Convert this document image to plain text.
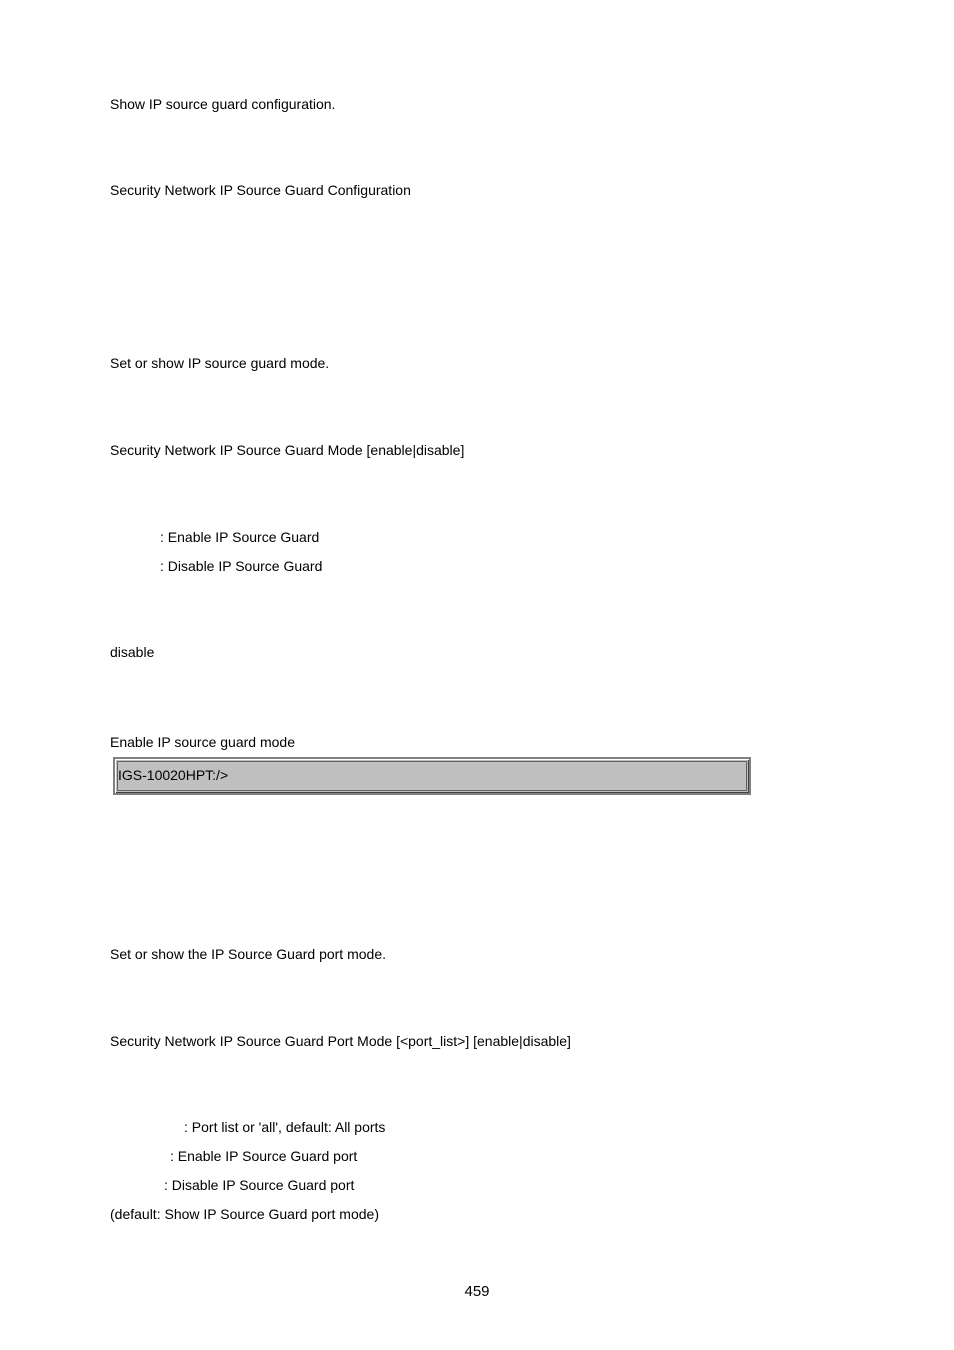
Show IP source guard configuration.
Security Network IP Source Guard Configuration
Set or show IP source guard mode.
Security Network IP Source Guard Mode [enable|disable]
: Enable IP Source Guard
: Disable IP Source Guard
disable
Enable IP source guard mode
IGS-10020HPT:/>
Set or show the IP Source Guard port mode.
Security Network IP Source Guard Port Mode [<port_list>] [enable|disable]
: Port list or 'all', default: All ports
: Enable IP Source Guard port
: Disable IP Source Guard port
(default: Show IP Source Guard port mode)
459
